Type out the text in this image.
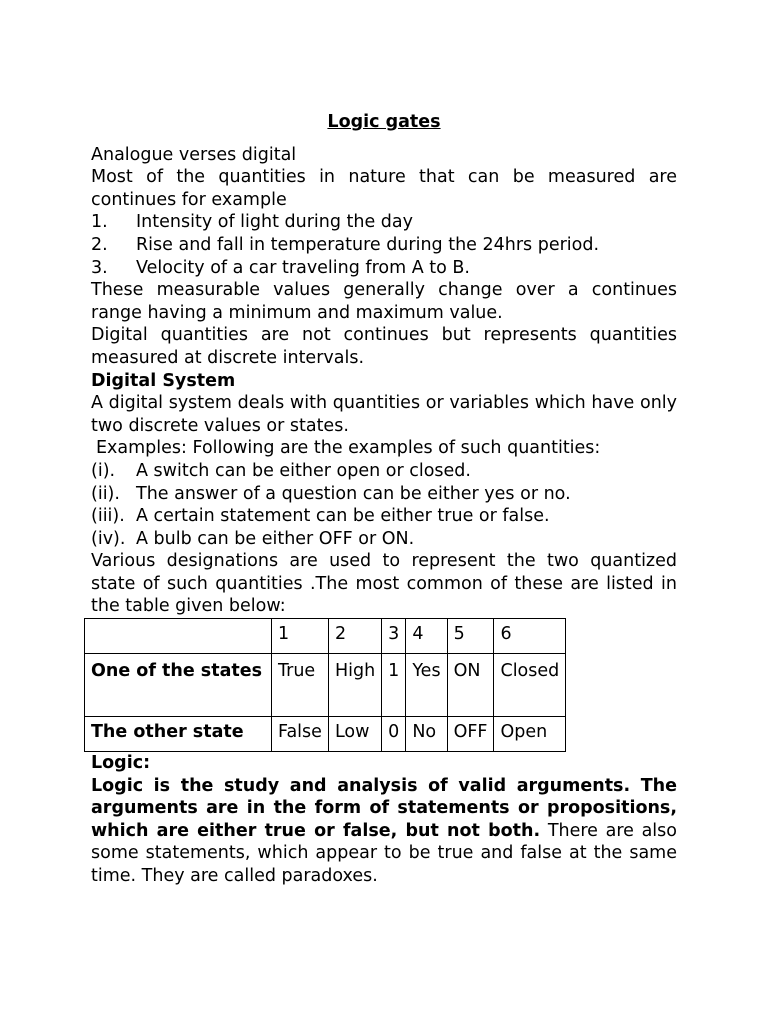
Logic gates

Analogue verses digital

Most of the quantities in nature that can be measured are continues for example

1.	Intensity of light during the day
2.	Rise and fall in temperature during the 24hrs period.
3.	Velocity of a car traveling from A to B.

These measurable values generally change over a continues range having a minimum and maximum value.

Digital quantities are not continues but represents quantities measured at discrete intervals.

Digital System

A digital system deals with quantities or variables which have only two discrete values or states.

Examples: Following are the examples of such quantities:

(i).	A switch can be either open or closed.
(ii). The answer of a question can be either yes or no.
(iii). A certain statement can be either true or false.
(iv). A bulb can be either OFF or ON.

Various designations are used to represent the two quantized state of such quantities .The most common of these are listed in the table given below:

	1	2	3	4	5	6
One of the states	True	High	1	Yes	ON	Closed
The other state	False	Low	0	No	OFF	Open

Logic:

Logic is the study and analysis of valid arguments. The arguments are in the form of statements or propositions, which are either true or false, but not both. There are also some statements, which appear to be true and false at the same time. They are called paradoxes.
